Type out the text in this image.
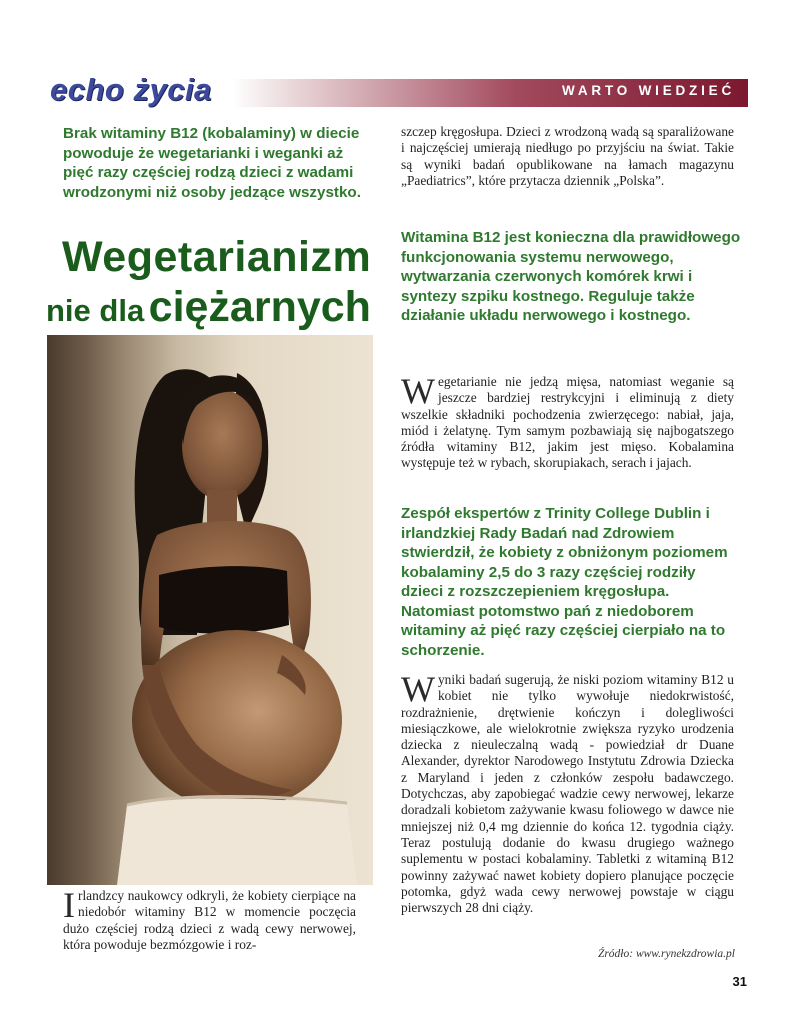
echo życia	WARTO WIEDZIEĆ

Brak witaminy B12 (kobalaminy) w diecie powoduje że wegetarianki i weganki aż pięć razy częściej rodzą dzieci z wadami wrodzonymi niż osoby jedzące wszystko.

Wegetarianizm
nie dla ciężarnych

Irlandzcy naukowcy odkryli, że kobiety cierpiące na niedobór witaminy B12 w momencie poczęcia dużo częściej rodzą dzieci z wadą cewy nerwowej, która powoduje bezmózgowie i roz-

szczep kręgosłupa. Dzieci z wrodzoną wadą są sparaliżowane i najczęściej umierają niedługo po przyjściu na świat. Takie są wyniki badań opublikowane na łamach magazynu „Paediatrics”, które przytacza dziennik „Polska”.

Witamina B12 jest konieczna dla prawidłowego funkcjonowania systemu nerwowego, wytwarzania czerwonych komórek krwi i syntezy szpiku kostnego. Reguluje także działanie układu nerwowego i kostnego.

Wegetarianie nie jedzą mięsa, natomiast weganie są jeszcze bardziej restrykcyjni i eliminują z diety wszelkie składniki pochodzenia zwierzęcego: nabiał, jaja, miód i żelatynę. Tym samym pozbawiają się najbogatszego źródła witaminy B12, jakim jest mięso. Kobalamina występuje też w rybach, skorupiakach, serach i jajach.

Zespół ekspertów z Trinity College Dublin i irlandzkiej Rady Badań nad Zdrowiem stwierdził, że kobiety z obniżonym poziomem kobalaminy 2,5 do 3 razy częściej rodziły dzieci z rozszczepieniem kręgosłupa. Natomiast potomstwo pań z niedoborem witaminy aż pięć razy częściej cierpiało na to schorzenie.

Wyniki badań sugerują, że niski poziom witaminy B12 u kobiet nie tylko wywołuje niedokrwistość, rozdrażnienie, drętwienie kończyn i dolegliwości miesiączkowe, ale wielokrotnie zwiększa ryzyko urodzenia dziecka z nieuleczalną wadą - powiedział dr Duane Alexander, dyrektor Narodowego Instytutu Zdrowia Dziecka z Maryland i jeden z członków zespołu badawczego. Dotychczas, aby zapobiegać wadzie cewy nerwowej, lekarze doradzali kobietom zażywanie kwasu foliowego w dawce nie mniejszej niż 0,4 mg dziennie do końca 12. tygodnia ciąży. Teraz postulują dodanie do kwasu drugiego ważnego suplementu w postaci kobalaminy. Tabletki z witaminą B12 powinny zażywać nawet kobiety dopiero planujące poczęcie potomka, gdyż wada cewy nerwowej powstaje w ciągu pierwszych 28 dni ciąży.

Źródło: www.rynekzdrowia.pl

31
